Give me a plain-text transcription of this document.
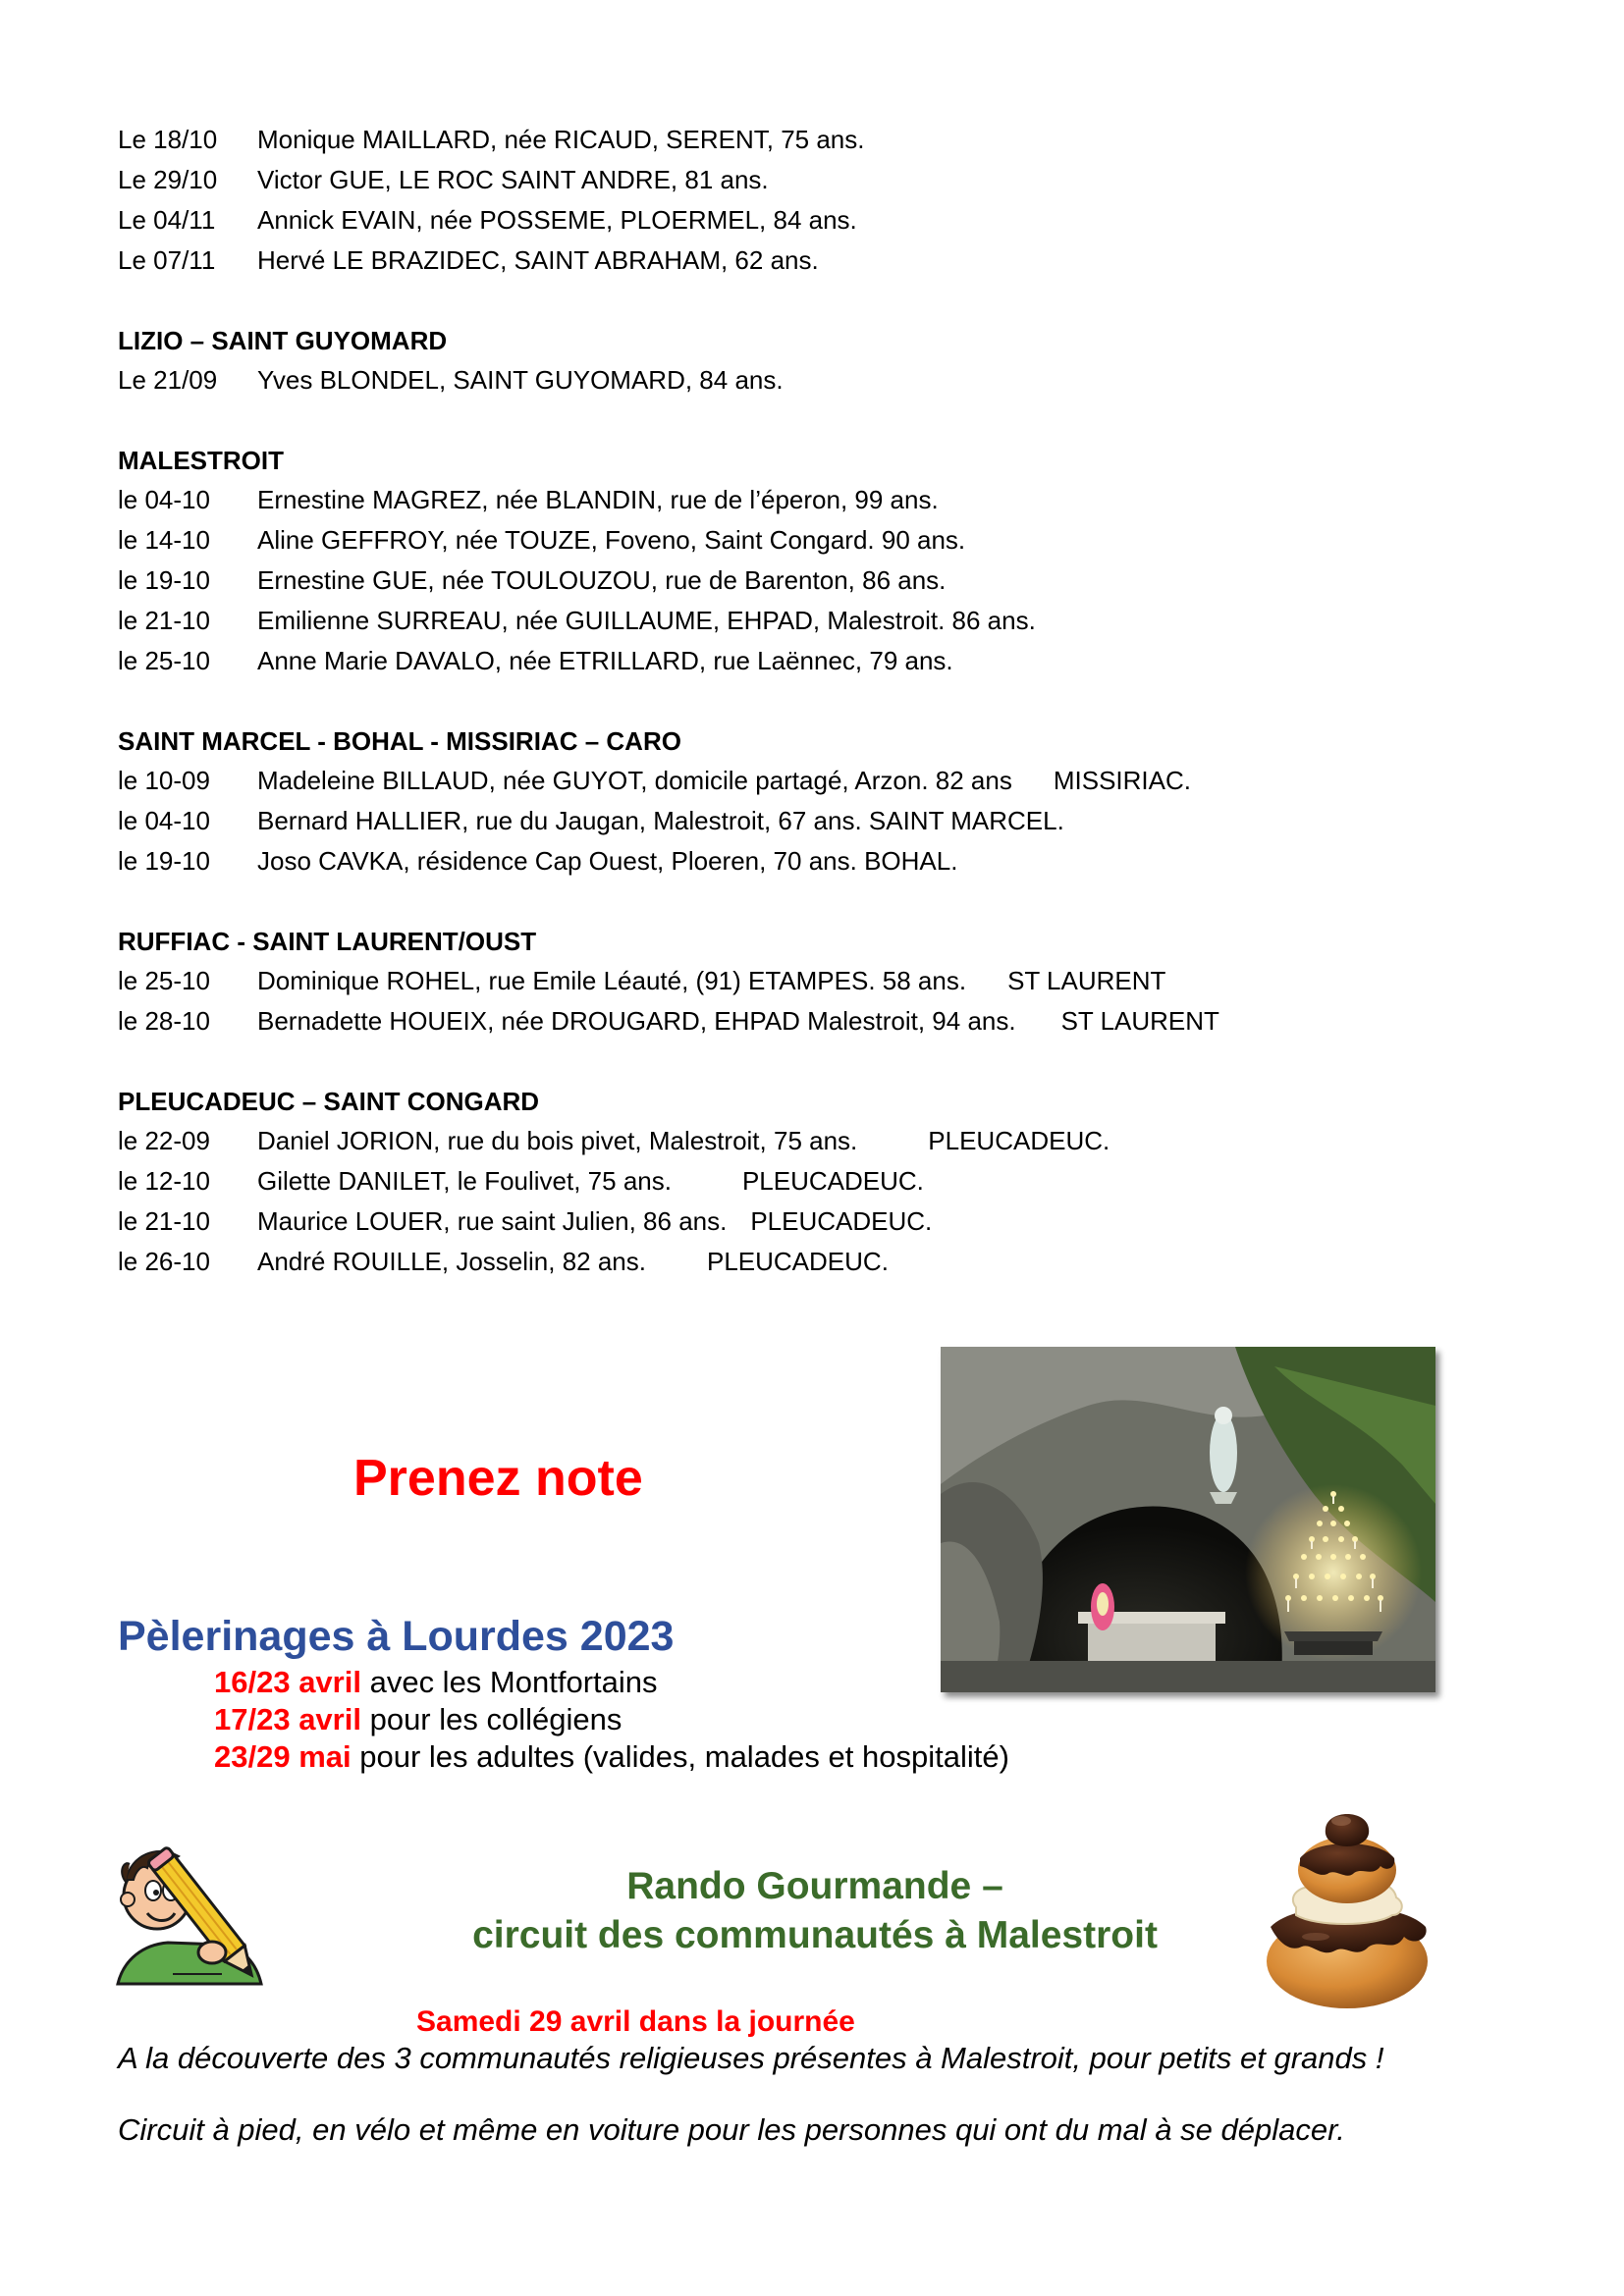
Le 18/10	Monique MAILLARD, née RICAUD, SERENT, 75 ans.
Le 29/10	Victor GUE, LE ROC SAINT ANDRE, 81 ans.
Le 04/11	Annick EVAIN, née POSSEME, PLOERMEL, 84 ans.
Le 07/11	Hervé LE BRAZIDEC, SAINT ABRAHAM, 62 ans.
LIZIO – SAINT GUYOMARD
Le 21/09	Yves BLONDEL, SAINT GUYOMARD, 84 ans.
MALESTROIT
le 04-10	Ernestine MAGREZ, née BLANDIN, rue de l’éperon, 99 ans.
le 14-10	Aline GEFFROY, née TOUZE, Foveno, Saint Congard. 90 ans.
le 19-10	Ernestine GUE, née TOULOUZOU, rue de Barenton, 86 ans.
le 21-10	Emilienne SURREAU, née GUILLAUME, EHPAD, Malestroit. 86 ans.
le 25-10	Anne Marie DAVALO, née ETRILLARD, rue Laënnec, 79 ans.
SAINT MARCEL - BOHAL - MISSIRIAC – CARO
le 10-09	Madeleine BILLAUD, née GUYOT, domicile partagé, Arzon. 82 ans MISSIRIAC.
le 04-10	Bernard HALLIER, rue du Jaugan, Malestroit, 67 ans. SAINT MARCEL.
le 19-10	Joso CAVKA, résidence Cap Ouest, Ploeren, 70 ans. BOHAL.
RUFFIAC - SAINT LAURENT/OUST
le 25-10	Dominique ROHEL, rue Emile Léauté, (91) ETAMPES. 58 ans. ST LAURENT
le 28-10	Bernadette HOUEIX, née DROUGARD, EHPAD Malestroit, 94 ans. ST LAURENT
PLEUCADEUC – SAINT CONGARD
le 22-09	Daniel JORION, rue du bois pivet, Malestroit, 75 ans.	PLEUCADEUC.
le 12-10	Gilette DANILET, le Foulivet, 75 ans.	PLEUCADEUC.
le 21-10	Maurice LOUER, rue saint Julien, 86 ans. PLEUCADEUC.
le 26-10	André ROUILLE, Josselin, 82 ans. PLEUCADEUC.
Prenez note
Pèlerinages à Lourdes 2023
16/23 avril avec les Montfortains
17/23 avril pour les collégiens
23/29 mai pour les adultes (valides, malades et hospitalité)
Rando Gourmande –
circuit des communautés à Malestroit
Samedi 29 avril dans la journée
A la découverte des 3 communautés religieuses présentes à Malestroit, pour petits et grands !
Circuit à pied, en vélo et même en voiture pour les personnes qui ont du mal à se déplacer.
